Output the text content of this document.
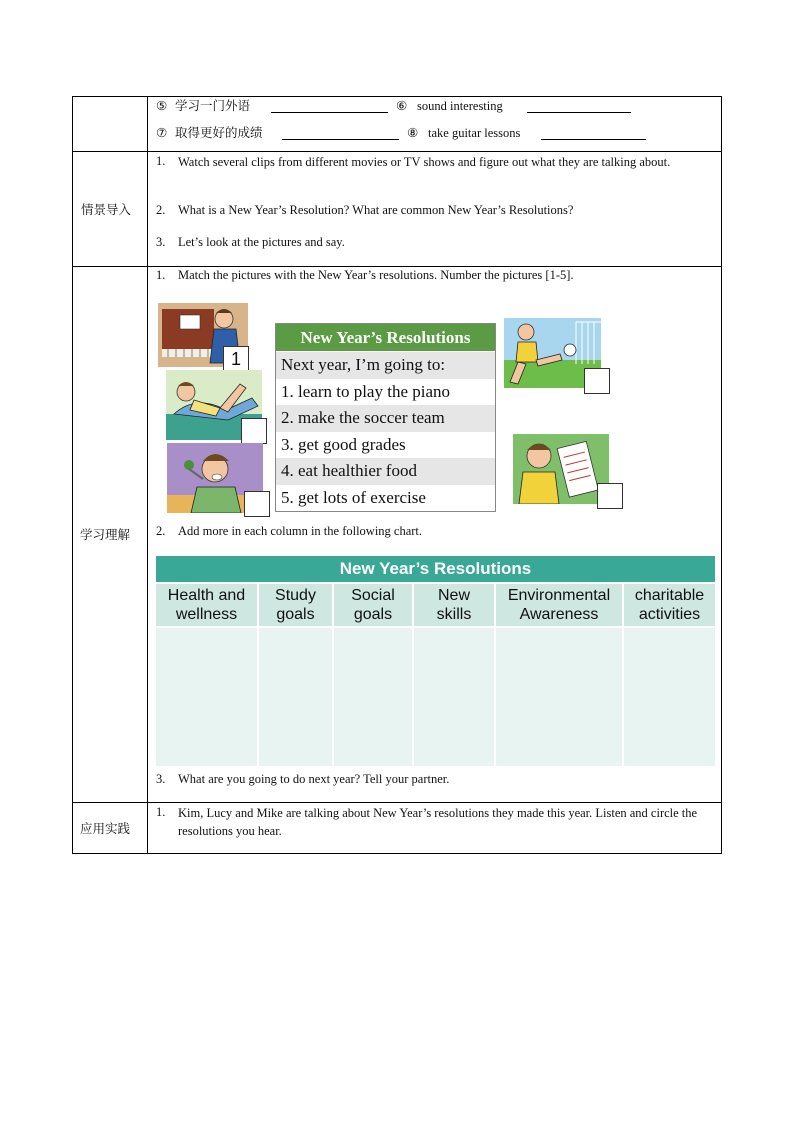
⑤ 学习一门外语	⑥ sound interesting
⑦ 取得更好的成绩	⑧ take guitar lessons
情景导入
1. Watch several clips from different movies or TV shows and figure out what they are talking about.
2. What is a New Year’s Resolution? What are common New Year’s Resolutions?
3. Let’s look at the pictures and say.
学习理解
1. Match the pictures with the New Year’s resolutions. Number the pictures [1-5].
1
New Year’s Resolutions
Next year, I’m going to:
1. learn to play the piano
2. make the soccer team
3. get good grades
4. eat healthier food
5. get lots of exercise
2. Add more in each column in the following chart.
New Year’s Resolutions
Health and
wellness
Study
goals
Social
goals
New
skills
Environmental
Awareness
charitable
activities
3. What are you going to do next year? Tell your partner.
应用实践
1. Kim, Lucy and Mike are talking about New Year’s resolutions they made this year. Listen and circle the resolutions you hear.
